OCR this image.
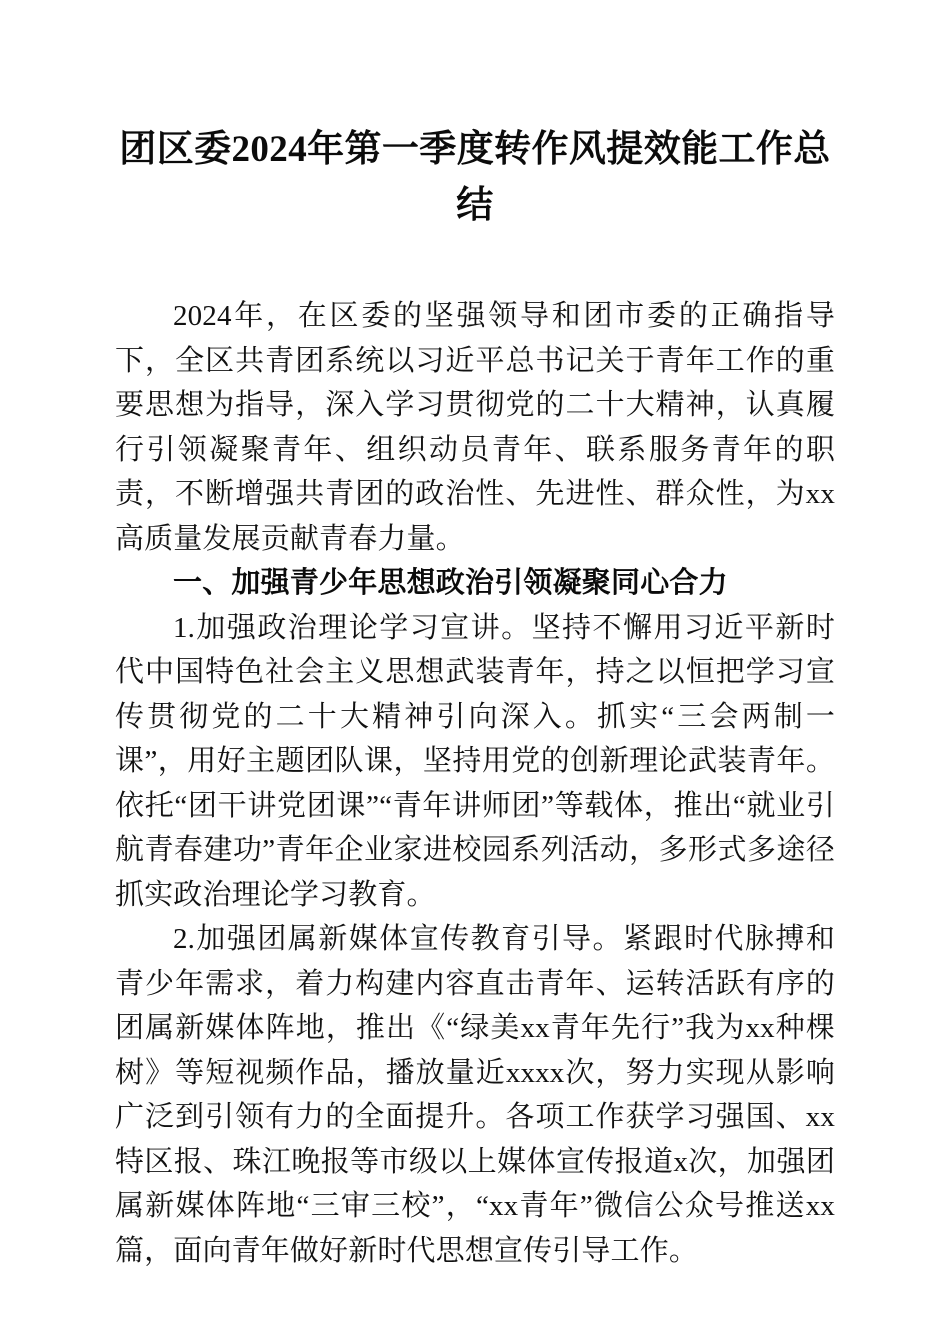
团区委2024年第一季度转作风提效能工作总结

2024年，在区委的坚强领导和团市委的正确指导下，全区共青团系统以习近平总书记关于青年工作的重要思想为指导，深入学习贯彻党的二十大精神，认真履行引领凝聚青年、组织动员青年、联系服务青年的职责，不断增强共青团的政治性、先进性、群众性，为xx高质量发展贡献青春力量。

一、加强青少年思想政治引领凝聚同心合力

1.加强政治理论学习宣讲。坚持不懈用习近平新时代中国特色社会主义思想武装青年，持之以恒把学习宣传贯彻党的二十大精神引向深入。抓实“三会两制一课”，用好主题团队课，坚持用党的创新理论武装青年。依托“团干讲党团课”“青年讲师团”等载体，推出“就业引航青春建功”青年企业家进校园系列活动，多形式多途径抓实政治理论学习教育。

2.加强团属新媒体宣传教育引导。紧跟时代脉搏和青少年需求，着力构建内容直击青年、运转活跃有序的团属新媒体阵地，推出《“绿美xx青年先行”我为xx种棵树》等短视频作品，播放量近xxxx次，努力实现从影响广泛到引领有力的全面提升。各项工作获学习强国、xx特区报、珠江晚报等市级以上媒体宣传报道x次，加强团属新媒体阵地“三审三校”，“xx青年”微信公众号推送xx篇，面向青年做好新时代思想宣传引导工作。
